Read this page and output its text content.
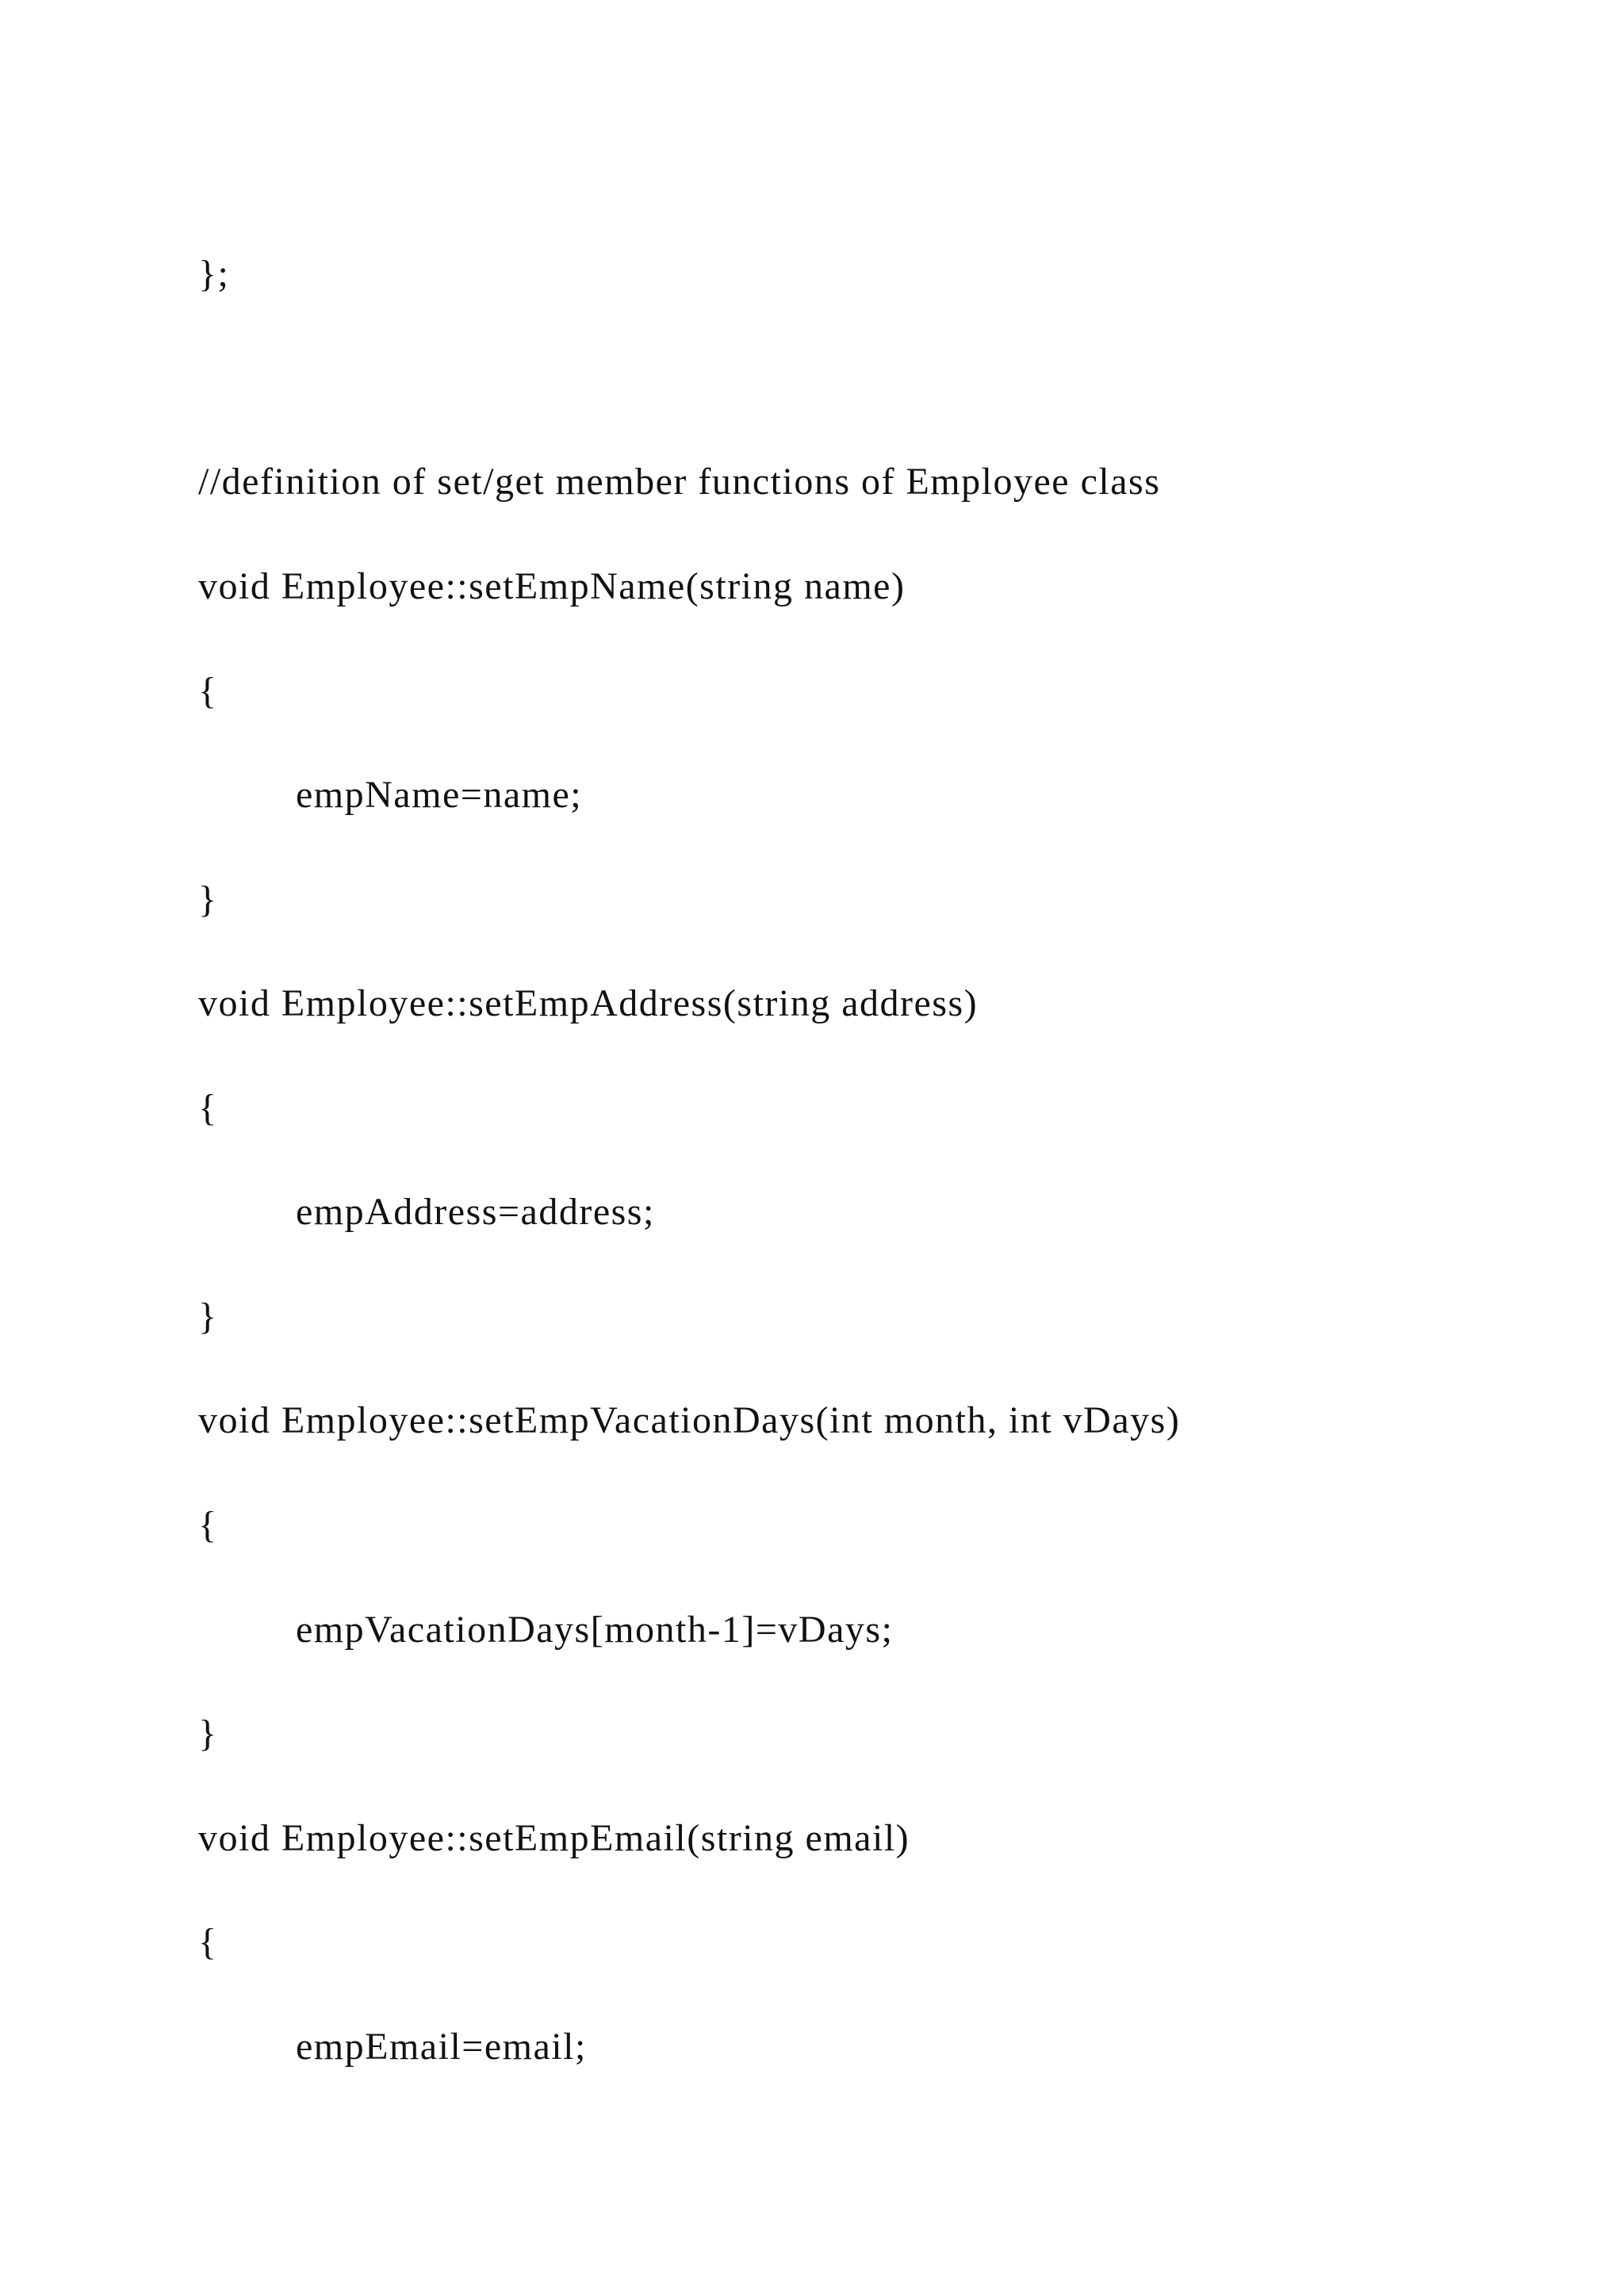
};
//definition of set/get member functions of Employee class
void Employee::setEmpName(string name)
{
empName=name;
}
void Employee::setEmpAddress(string address)
{
empAddress=address;
}
void Employee::setEmpVacationDays(int month, int vDays)
{
empVacationDays[month-1]=vDays;
}
void Employee::setEmpEmail(string email)
{
empEmail=email;
